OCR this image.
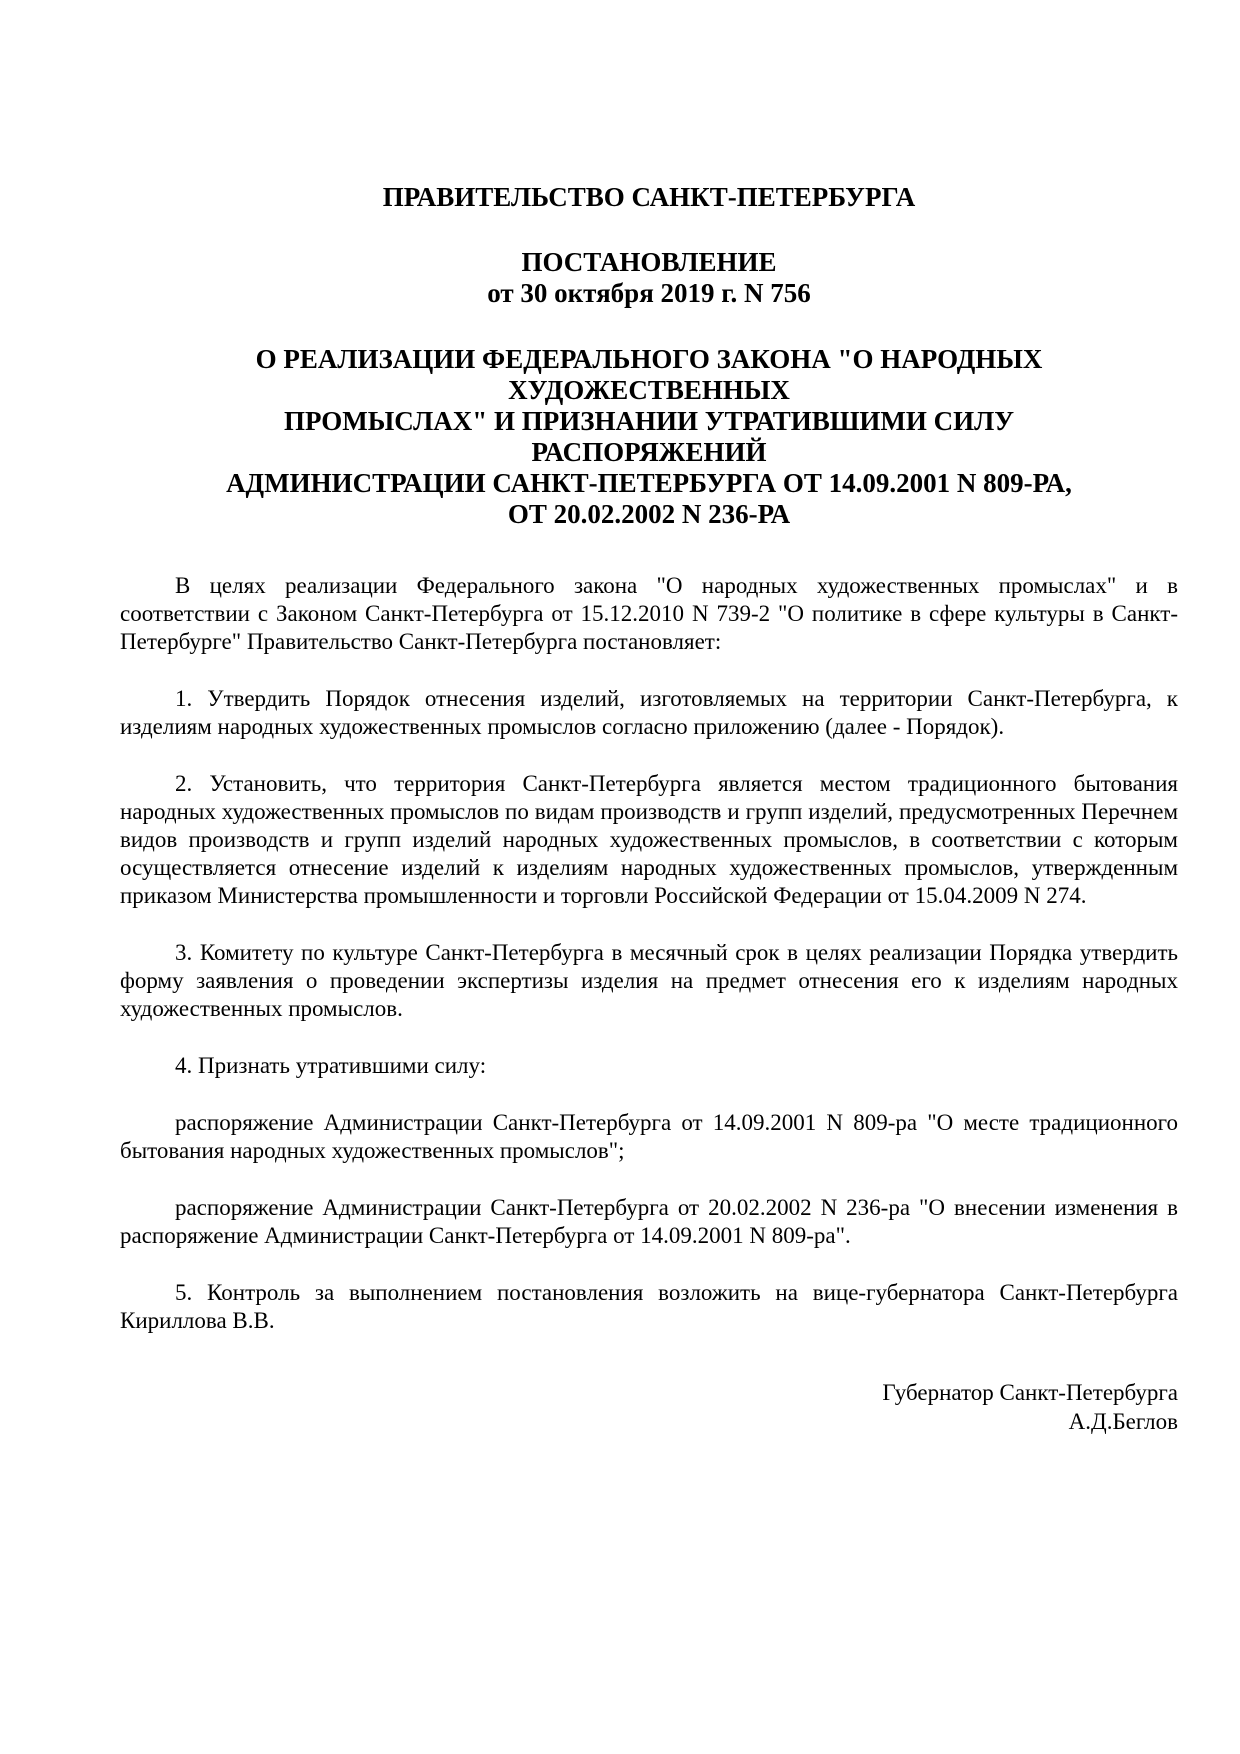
ПРАВИТЕЛЬСТВО САНКТ-ПЕТЕРБУРГА
ПОСТАНОВЛЕНИЕ
от 30 октября 2019 г. N 756
О РЕАЛИЗАЦИИ ФЕДЕРАЛЬНОГО ЗАКОНА "О НАРОДНЫХ
ХУДОЖЕСТВЕННЫХ
ПРОМЫСЛАХ" И ПРИЗНАНИИ УТРАТИВШИМИ СИЛУ
РАСПОРЯЖЕНИЙ
АДМИНИСТРАЦИИ САНКТ-ПЕТЕРБУРГА ОТ 14.09.2001 N 809-РА,
ОТ 20.02.2002 N 236-РА

В целях реализации Федерального закона "О народных художественных промыслах" и в соответствии с Законом Санкт-Петербурга от 15.12.2010 N 739-2 "О политике в сфере культуры в Санкт-Петербурге" Правительство Санкт-Петербурга постановляет:

1. Утвердить Порядок отнесения изделий, изготовляемых на территории Санкт-Петербурга, к изделиям народных художественных промыслов согласно приложению (далее - Порядок).

2. Установить, что территория Санкт-Петербурга является местом традиционного бытования народных художественных промыслов по видам производств и групп изделий, предусмотренных Перечнем видов производств и групп изделий народных художественных промыслов, в соответствии с которым осуществляется отнесение изделий к изделиям народных художественных промыслов, утвержденным приказом Министерства промышленности и торговли Российской Федерации от 15.04.2009 N 274.

3. Комитету по культуре Санкт-Петербурга в месячный срок в целях реализации Порядка утвердить форму заявления о проведении экспертизы изделия на предмет отнесения его к изделиям народных художественных промыслов.

4. Признать утратившими силу:

распоряжение Администрации Санкт-Петербурга от 14.09.2001 N 809-ра "О месте традиционного бытования народных художественных промыслов";

распоряжение Администрации Санкт-Петербурга от 20.02.2002 N 236-ра "О внесении изменения в распоряжение Администрации Санкт-Петербурга от 14.09.2001 N 809-ра".

5. Контроль за выполнением постановления возложить на вице-губернатора Санкт-Петербурга Кириллова В.В.

Губернатор Санкт-Петербурга
А.Д.Беглов
